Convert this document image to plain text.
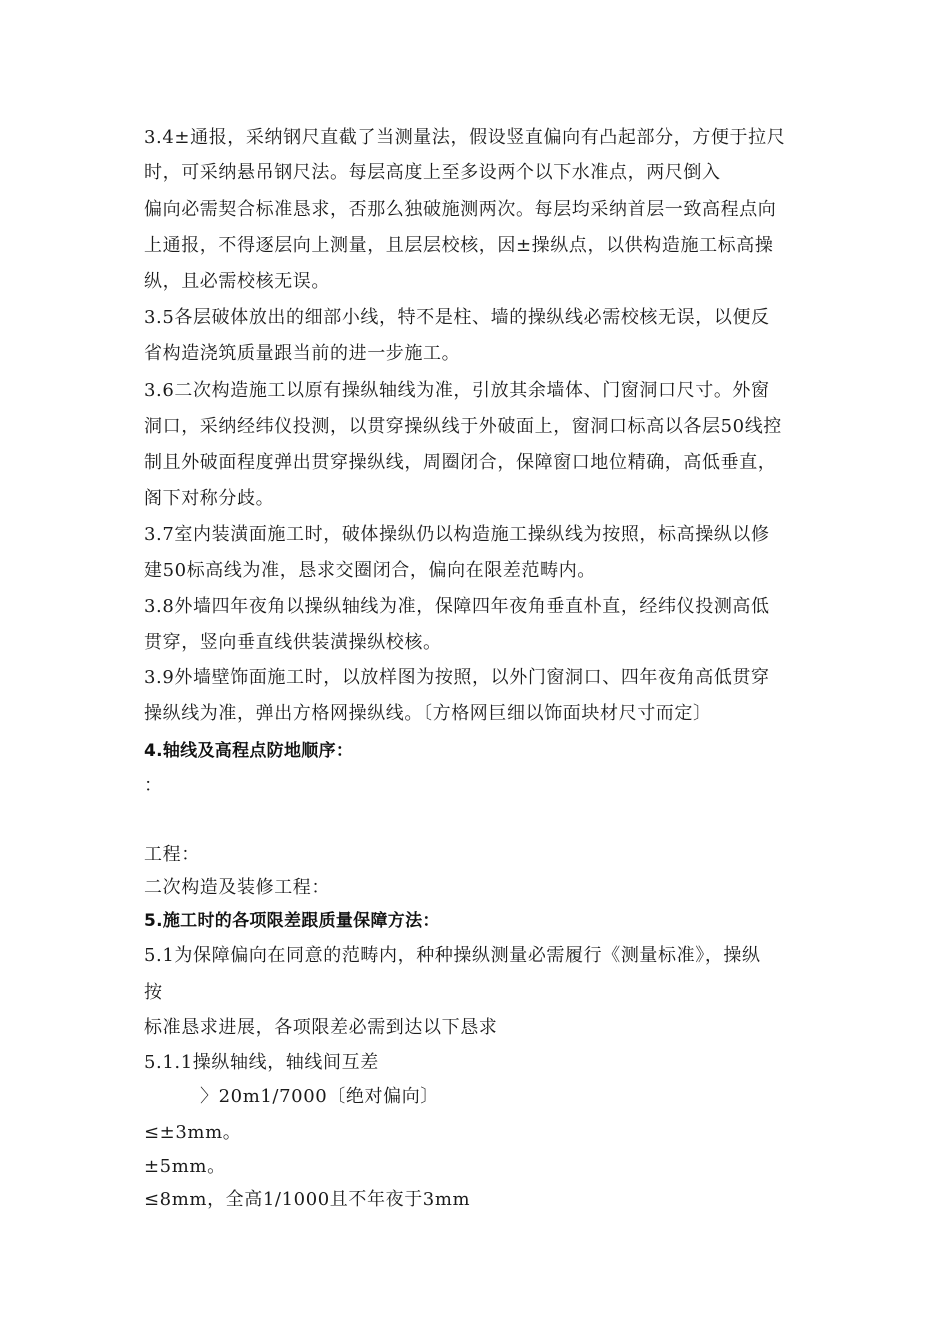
3.4±通报，采纳钢尺直截了当测量法，假设竖直偏向有凸起部分，方便于拉尺
时，可采纳悬吊钢尺法。每层高度上至多设两个以下水准点，两尺倒入
偏向必需契合标准恳求，否那么独破施测两次。每层均采纳首层一致高程点向
上通报，不得逐层向上测量，且层层校核，因±操纵点，以供构造施工标高操
纵，且必需校核无误。
3.5各层破体放出的细部小线，特不是柱、墙的操纵线必需校核无误，以便反
省构造浇筑质量跟当前的进一步施工。
3.6二次构造施工以原有操纵轴线为准，引放其余墙体、门窗洞口尺寸。外窗
洞口，采纳经纬仪投测，以贯穿操纵线于外破面上，窗洞口标高以各层50线控
制且外破面程度弹出贯穿操纵线，周圈闭合，保障窗口地位精确，高低垂直，
阁下对称分歧。
3.7室内装潢面施工时，破体操纵仍以构造施工操纵线为按照，标高操纵以修
建50标高线为准，恳求交圈闭合，偏向在限差范畴内。
3.8外墙四年夜角以操纵轴线为准，保障四年夜角垂直朴直，经纬仪投测高低
贯穿，竖向垂直线供装潢操纵校核。
3.9外墙壁饰面施工时，以放样图为按照，以外门窗洞口、四年夜角高低贯穿
操纵线为准，弹出方格网操纵线。〔方格网巨细以饰面块材尺寸而定〕
4.轴线及高程点防地顺序：
：
工程：
二次构造及装修工程：
5.施工时的各项限差跟质量保障方法：
5.1为保障偏向在同意的范畴内，种种操纵测量必需履行《测量标准》，操纵
按
标准恳求进展，各项限差必需到达以下恳求
5.1.1操纵轴线，轴线间互差
〉20m1/7000〔绝对偏向〕
≤±3mm。
±5mm。
≤8mm，全高1/1000且不年夜于3mm
